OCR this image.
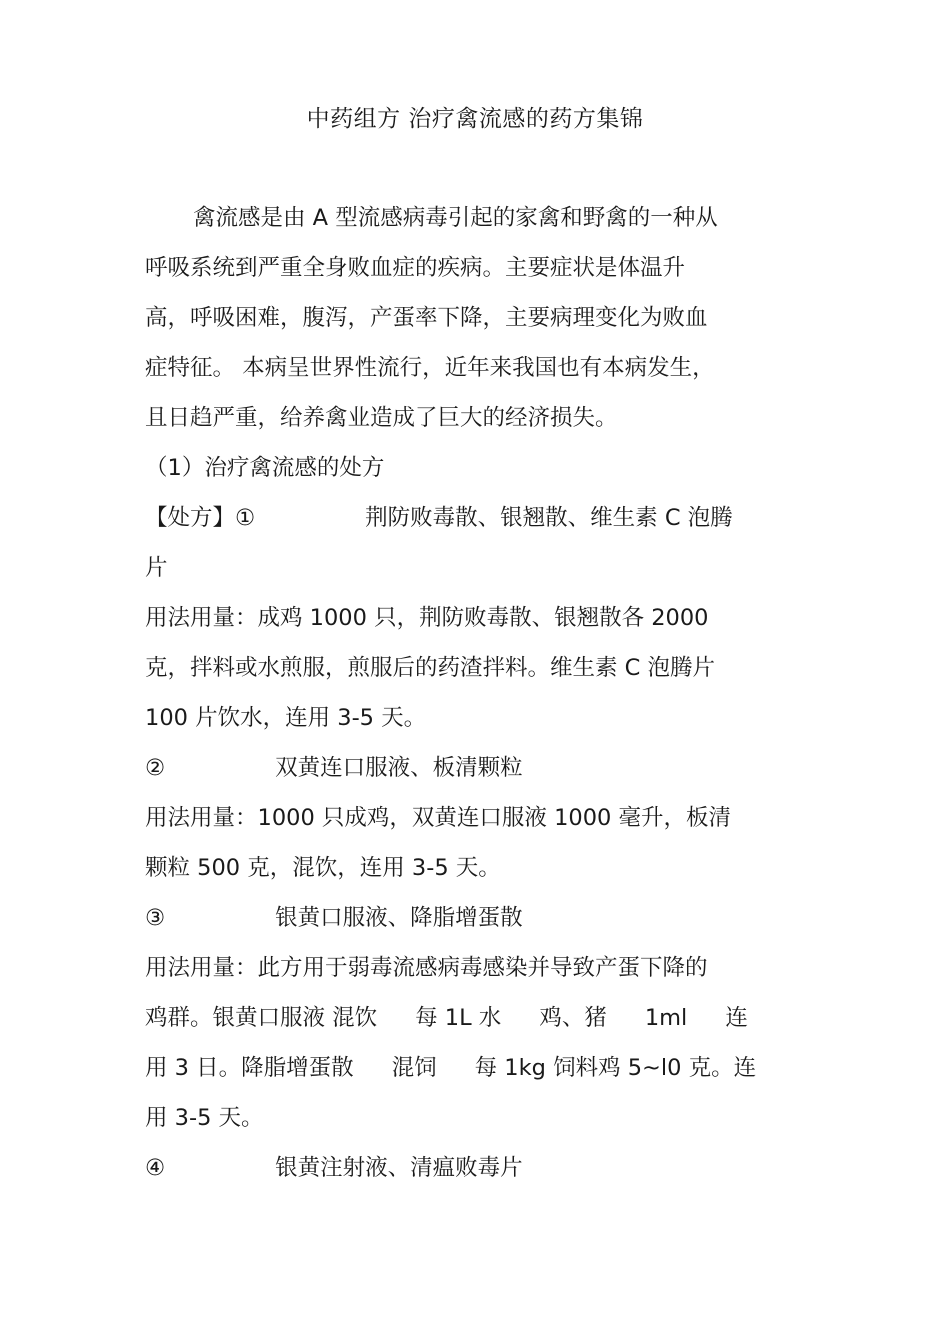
中药组方 治疗禽流感的药方集锦
禽流感是由 A 型流感病毒引起的家禽和野禽的一种从
呼吸系统到严重全身败血症的疾病。主要症状是体温升
高，呼吸困难，腹泻，产蛋率下降，主要病理变化为败血
症特征。 本病呈世界性流行，近年来我国也有本病发生，
且日趋严重，给养禽业造成了巨大的经济损失。
（1）治疗禽流感的处方
【处方】①	荆防败毒散、银翘散、维生素 C 泡腾
片
用法用量：成鸡 1000 只，荆防败毒散、银翘散各 2000
克，拌料或水煎服，煎服后的药渣拌料。维生素 C 泡腾片
100 片饮水，连用 3-5 天。
②	双黄连口服液、板清颗粒
用法用量：1000 只成鸡，双黄连口服液 1000 毫升，板清
颗粒 500 克，混饮，连用 3-5 天。
③	银黄口服液、降脂增蛋散
用法用量：此方用于弱毒流感病毒感染并导致产蛋下降的
鸡群。银黄口服液 混饮 每 1L 水 鸡、猪 1ml 连
用 3 日。降脂增蛋散 混饲 每 1kg 饲料鸡 5~l0 克。连
用 3-5 天。
④	银黄注射液、清瘟败毒片
